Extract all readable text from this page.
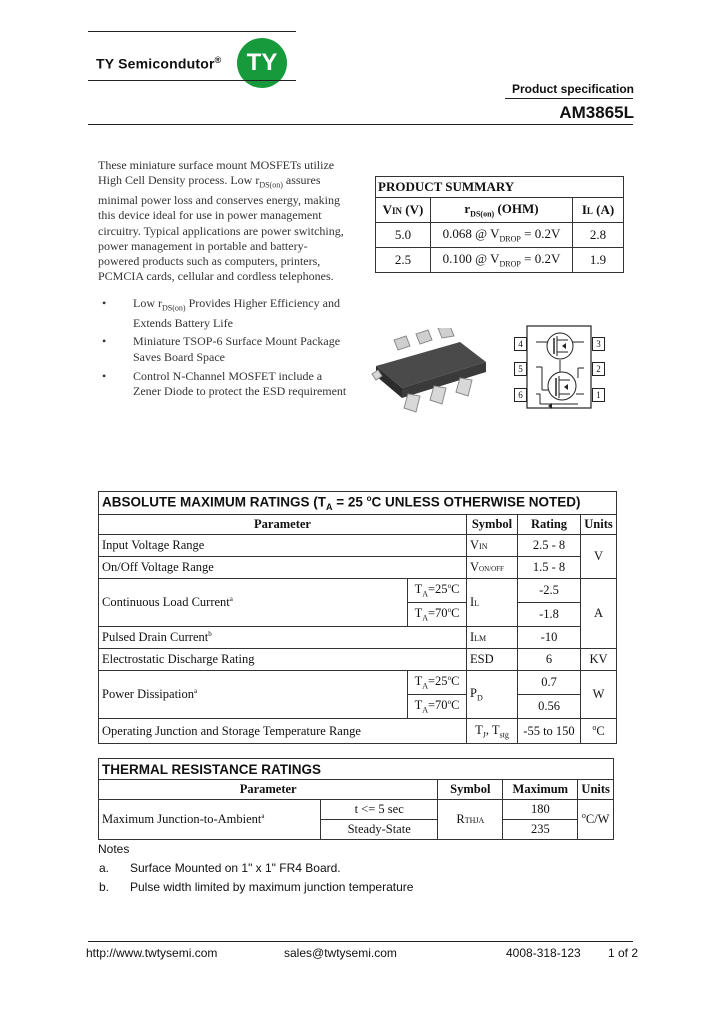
TY Semicondutor® TY
Product specification
AM3865L
These miniature surface mount MOSFETs utilize High Cell Density process. Low $r_{DS(on)}$ assures minimal power loss and conserves energy, making this device ideal for use in power management circuitry. Typical applications are power switching, power management in portable and battery-powered products such as computers, printers, PCMCIA cards, cellular and cordless telephones.
• Low $r_{DS(on)}$ Provides Higher Efficiency and Extends Battery Life
• Miniature TSOP-6 Surface Mount Package Saves Board Space
• Control N-Channel MOSFET include a Zener Diode to protect the ESD requirement
PRODUCT SUMMARY		
VIN (V)	$r_{DS(on)}$ (OHM)	IL (A)
5.0	0.068 @ $V_{DROP} = 0.2V$	2.8
2.5	0.100 @ $V_{DROP} = 0.2V$	1.9
4
5
6
3
2
1
ABSOLUTE MAXIMUM RATINGS ($T_A = 25$ $^o$C UNLESS OTHERWISE NOTED)				
Parameter		Symbol	Rating	Units
Input Voltage Range		VIN	2.5 - 8	V
On/Off Voltage Range		VON/OFF	1.5 - 8	
Continuous Load Current$^a$	$T_A=25^oC$	IL	-2.5	A
	$T_A=70^oC$		-1.8	
Pulsed Drain Current$^b$		ILM	-10	
Electrostatic Discharge Rating		ESD	6	KV
Power Dissipation$^a$	$T_A=25^oC$	$P_D$	0.7	W
	$T_A=70^oC$		0.56	
Operating Junction and Storage Temperature Range		$T_J$, $T_{stg}$	-55 to 150	$^o$C
THERMAL RESISTANCE RATINGS				
Parameter		Symbol	Maximum	Units
Maximum Junction-to-Ambient$^a$	t <= 5 sec	RTHJA	180	$^o$C/W
	Steady-State		235	
Notes
a. Surface Mounted on 1" x 1" FR4 Board.
b. Pulse width limited by maximum junction temperature
http://www.twtysemi.com	sales@twtysemi.com	4008-318-123 1 of 2
